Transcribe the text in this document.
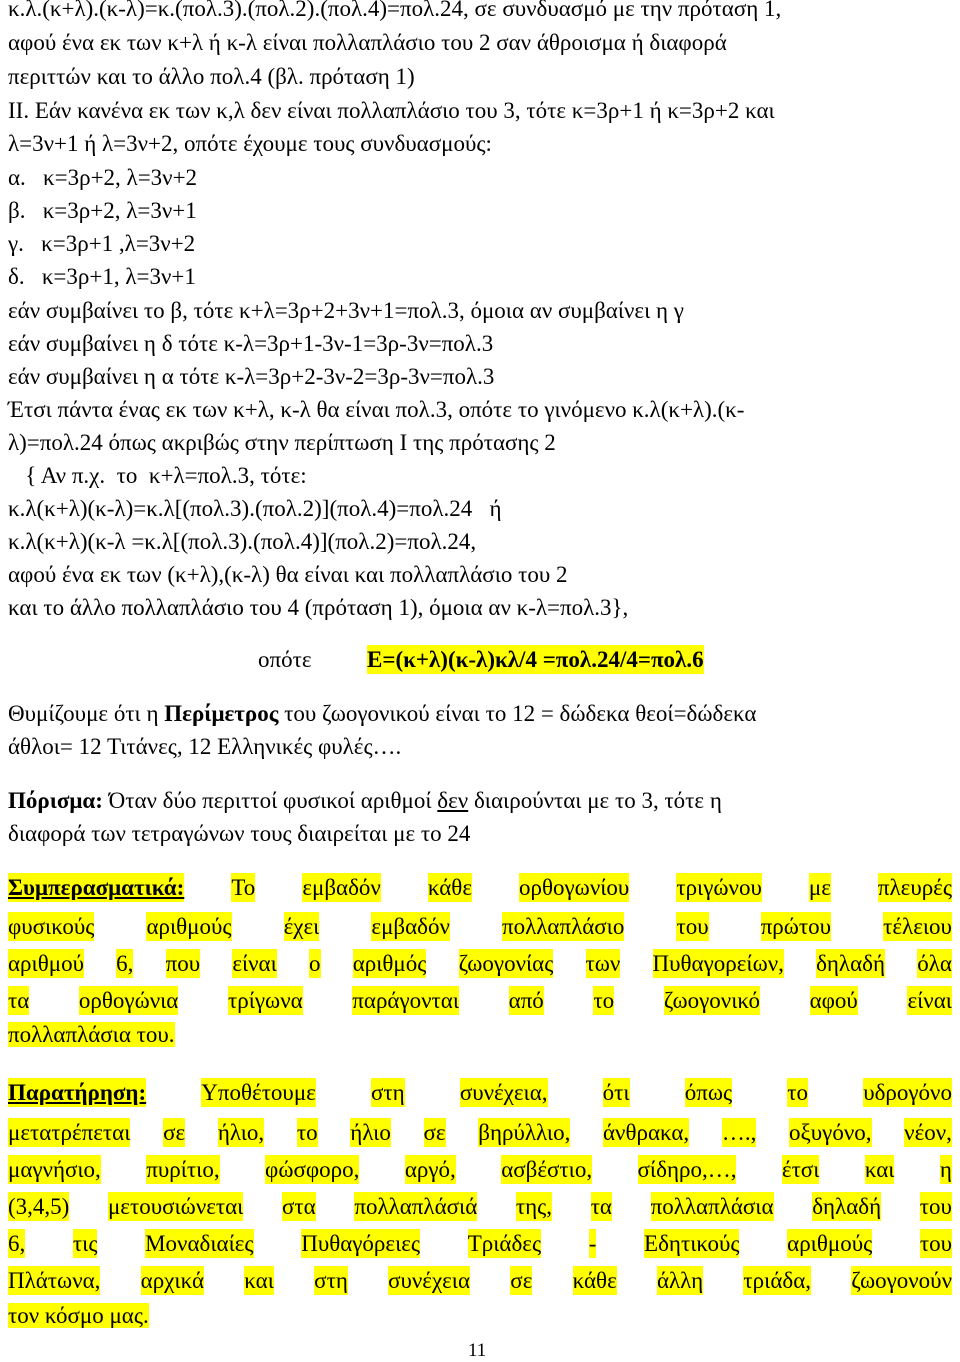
κ.λ.(κ+λ).(κ-λ)=κ.(πολ.3).(πολ.2).(πολ.4)=πολ.24, σε συνδυασμό με την πρόταση 1,
αφού ένα εκ των κ+λ ή κ-λ είναι πολλαπλάσιο του 2 σαν άθροισμα ή διαφορά
περιττών και το άλλο πολ.4 (βλ. πρόταση 1)
ΙΙ. Εάν κανένα εκ των κ,λ δεν είναι πολλαπλάσιο του 3, τότε κ=3ρ+1 ή κ=3ρ+2 και
λ=3ν+1 ή λ=3ν+2, οπότε έχουμε τους συνδυασμούς:
α.   κ=3ρ+2, λ=3ν+2
β.   κ=3ρ+2, λ=3ν+1
γ.   κ=3ρ+1 ,λ=3ν+2
δ.   κ=3ρ+1, λ=3ν+1
εάν συμβαίνει το β, τότε κ+λ=3ρ+2+3ν+1=πολ.3, όμοια αν συμβαίνει η γ
εάν συμβαίνει η δ τότε κ-λ=3ρ+1-3ν-1=3ρ-3ν=πολ.3
εάν συμβαίνει η α τότε κ-λ=3ρ+2-3ν-2=3ρ-3ν=πολ.3
Έτσι πάντα ένας εκ των κ+λ, κ-λ θα είναι πολ.3, οπότε το γινόμενο κ.λ(κ+λ).(κ-
λ)=πολ.24 όπως ακριβώς στην περίπτωση Ι της πρότασης 2
{ Αν π.χ.  το  κ+λ=πολ.3, τότε:
κ.λ(κ+λ)(κ-λ)=κ.λ[(πολ.3).(πολ.2)](πολ.4)=πολ.24   ή
κ.λ(κ+λ)(κ-λ =κ.λ[(πολ.3).(πολ.4)](πολ.2)=πολ.24,
αφού ένα εκ των (κ+λ),(κ-λ) θα είναι και πολλαπλάσιο του 2
και το άλλο πολλαπλάσιο του 4 (πρόταση 1), όμοια αν κ-λ=πολ.3},
οπότε Ε=(κ+λ)(κ-λ)κλ/4 =πολ.24/4=πολ.6
Θυμίζουμε ότι η Περίμετρος του ζωογονικού είναι το 12 = δώδεκα θεοί=δώδεκα
άθλοι= 12 Τιτάνες, 12 Ελληνικές φυλές….
Πόρισμα: Όταν δύο περιττοί φυσικοί αριθμοί δεν διαιρούνται με το 3, τότε η
διαφορά των τετραγώνων τους διαιρείται με το 24
Συμπερασματικά: Το εμβαδόν κάθε ορθογωνίου τριγώνου με πλευρές
πολλαπλάσια του.
Παρατήρηση: Υποθέτουμε στη συνέχεια, ότι όπως το υδρογόνο
τον κόσμο μας.
11
φυσικούς αριθμούς έχει εμβαδόν πολλαπλάσιο του πρώτου τέλειου
αριθμού 6, που είναι ο αριθμός ζωογονίας των Πυθαγορείων, δηλαδή όλα
τα ορθογώνια τρίγωνα παράγονται από το ζωογονικό αφού είναι
μετατρέπεται σε ήλιο, το ήλιο σε βηρύλλιο, άνθρακα, …., οξυγόνο, νέον,
μαγνήσιο, πυρίτιο, φώσφορο, αργό, ασβέστιο, σίδηρο,…, έτσι και η
(3,4,5) μετουσιώνεται στα πολλαπλάσιά της, τα πολλαπλάσια δηλαδή του
6, τις Μοναδιαίες Πυθαγόρειες Τριάδες - Εδητικούς αριθμούς του
Πλάτωνα, αρχικά και στη συνέχεια σε κάθε άλλη τριάδα, ζωογονούν
